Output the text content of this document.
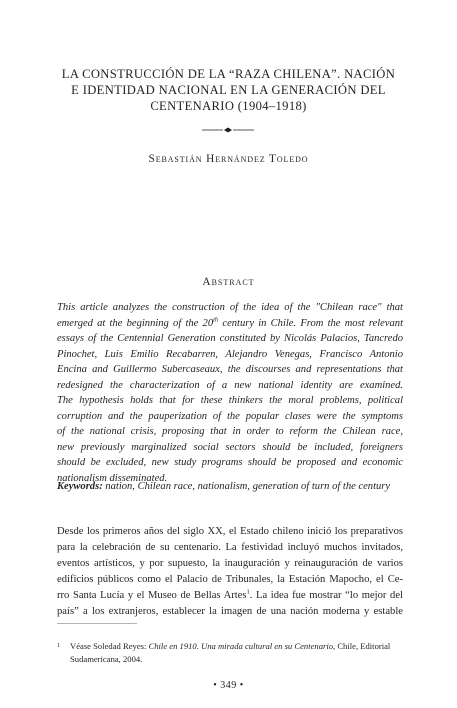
LA CONSTRUCCIÓN DE LA “RAZA CHILENA”. NACIÓN
E IDENTIDAD NACIONAL EN LA GENERACIÓN DEL
CENTENARIO (1904–1918)
Sebastián Hernández Toledo
Abstract
This article analyzes the construction of the idea of the "Chilean race" that
emerged at the beginning of the 20th century in Chile. From the most relevant
essays of the Centennial Generation constituted by Nicolás Palacios, Tancredo
Pinochet, Luis Emilio Recabarren, Alejandro Venegas, Francisco Antonio
Encina and Guillermo Subercaseaux, the discourses and representations that
redesigned the characterization of a new national identity are examined.
The hypothesis holds that for these thinkers the moral problems, political
corruption and the pauperization of the popular clases were the symptoms
of the national crisis, proposing that in order to reform the Chilean race,
new previously marginalized social sectors should be included, foreigners
should be excluded, new study programs should be proposed and economic
nationalism disseminated.
Keywords: nation, Chilean race, nationalism, generation of turn of the century
Desde los primeros años del siglo XX, el Estado chileno inició los preparativos
para la celebración de su centenario. La festividad incluyó muchos invitados,
eventos artísticos, y por supuesto, la inauguración y reinauguración de varios
edificios públicos como el Palacio de Tribunales, la Estación Mapocho, el Ce-
rro Santa Lucía y el Museo de Bellas Artes$^1$. La idea fue mostrar “lo mejor del
país” a los extranjeros, establecer la imagen de una nación moderna y estable
1 Véase Soledad Reyes: Chile en 1910. Una mirada cultural en su Centenario, Chile, Editorial
Sudamericana, 2004.
• 349 •
